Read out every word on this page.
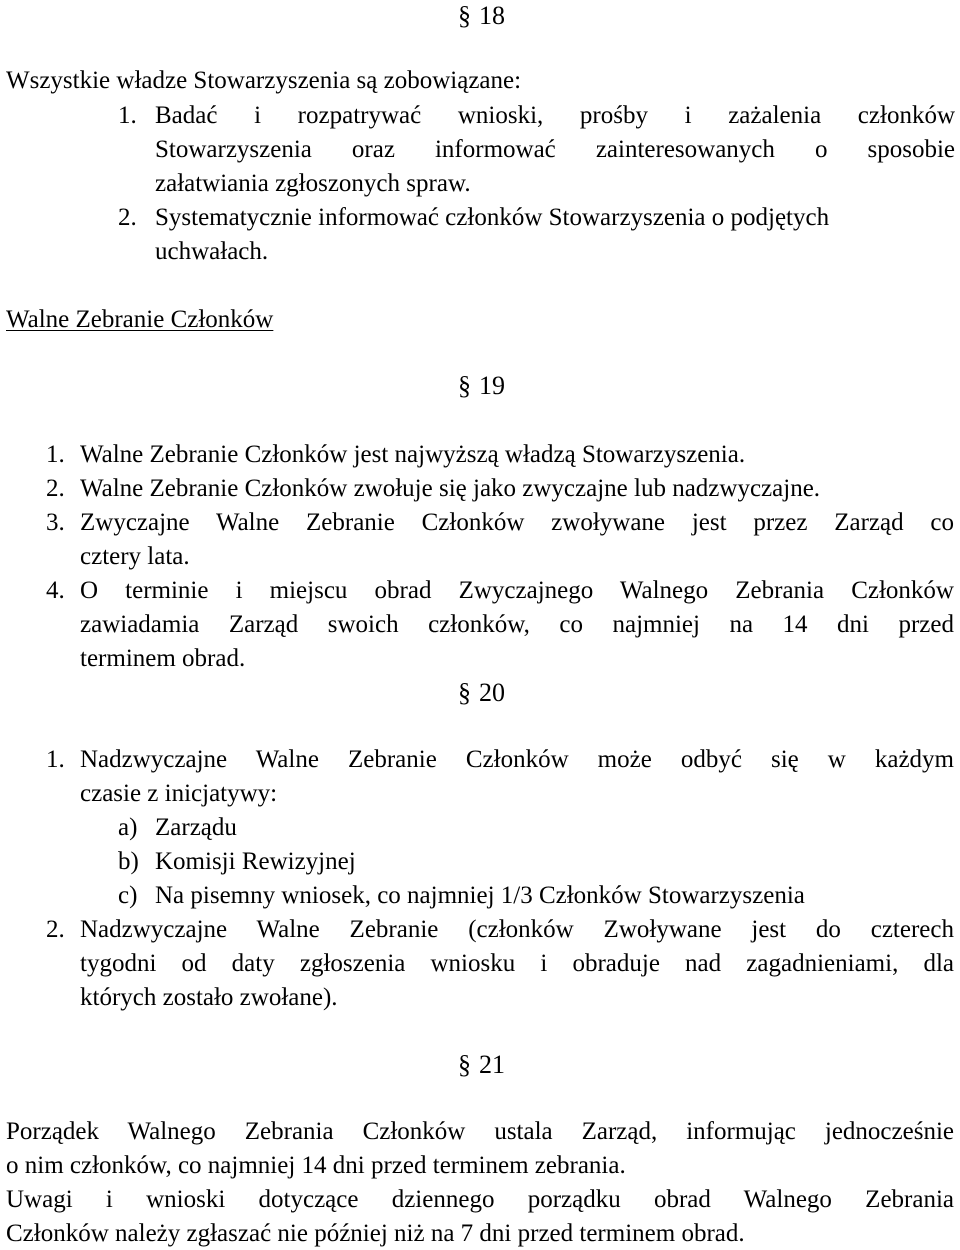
§ 18
Wszystkie władze Stowarzyszenia są zobowiązane:
1. Badać i rozpatrywać wnioski, prośby i zażalenia członków
Stowarzyszenia oraz informować zainteresowanych o sposobie
załatwiania zgłoszonych spraw.
2. Systematycznie informować członków Stowarzyszenia o podjętych
uchwałach.
Walne Zebranie Członków
§ 19
1. Walne Zebranie Członków jest najwyższą władzą Stowarzyszenia.
2. Walne Zebranie Członków zwołuje się jako zwyczajne lub nadzwyczajne.
3. Zwyczajne Walne Zebranie Członków zwoływane jest przez Zarząd co
cztery lata.
4. O terminie i miejscu obrad Zwyczajnego Walnego Zebrania Członków
zawiadamia Zarząd swoich członków, co najmniej na 14 dni przed
terminem obrad.
§ 20
1. Nadzwyczajne Walne Zebranie Członków może odbyć się w każdym
czasie z inicjatywy:
a) Zarządu
b) Komisji Rewizyjnej
c) Na pisemny wniosek, co najmniej 1/3 Członków Stowarzyszenia
2. Nadzwyczajne Walne Zebranie (członków Zwoływane jest do czterech
tygodni od daty zgłoszenia wniosku i obraduje nad zagadnieniami, dla
których zostało zwołane).
§ 21
Porządek Walnego Zebrania Członków ustala Zarząd, informując jednocześnie
o nim członków, co najmniej 14 dni przed terminem zebrania.
Uwagi i wnioski dotyczące dziennego porządku obrad Walnego Zebrania
Członków należy zgłaszać nie później niż na 7 dni przed terminem obrad.
